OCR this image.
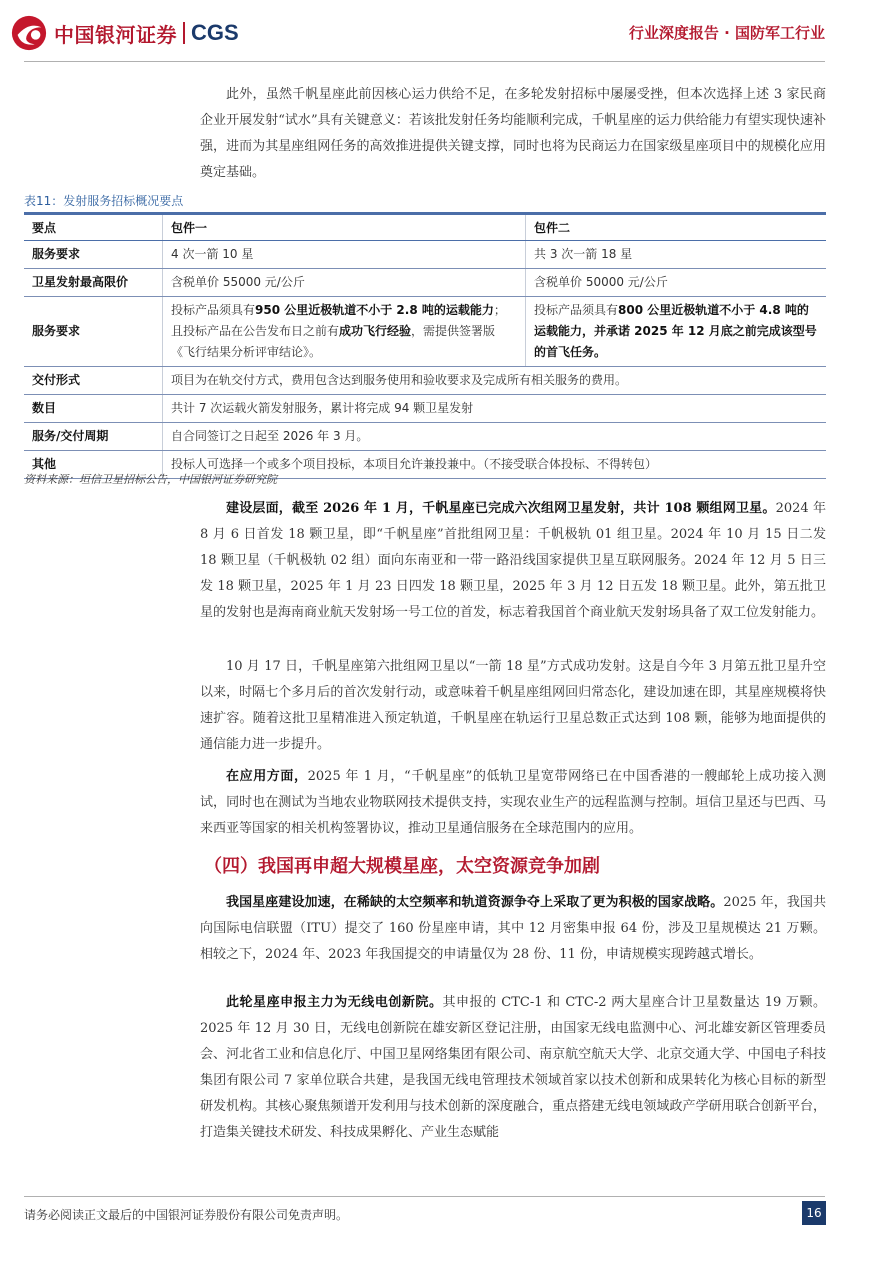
中国银河证券 CGS	行业深度报告 · 国防军工行业
此外，虽然千帆星座此前因核心运力供给不足，在多轮发射招标中屡屡受挫，但本次选择上述 3 家民商企业开展发射“试水”具有关键意义：若该批发射任务均能顺利完成，千帆星座的运力供给能力有望实现快速补强，进而为其星座组网任务的高效推进提供关键支撑，同时也将为民商运力在国家级星座项目中的规模化应用奠定基础。
表11：发射服务招标概况要点
要点	包件一	包件二
服务要求	4 次一箭 10 星	共 3 次一箭 18 星
卫星发射最高限价	含税单价 55000 元/公斤	含税单价 50000 元/公斤
服务要求	投标产品须具有950 公里近极轨道不小于 2.8 吨的运载能力；且投标产品在公告发布日之前有成功飞行经验，需提供签署版《飞行结果分析评审结论》。	投标产品须具有800 公里近极轨道不小于 4.8 吨的运载能力，并承诺 2025 年 12 月底之前完成该型号的首飞任务。
交付形式	项目为在轨交付方式，费用包含达到服务使用和验收要求及完成所有相关服务的费用。	
数目	共计 7 次运载火箭发射服务，累计将完成 94 颗卫星发射	
服务/交付周期	自合同签订之日起至 2026 年 3 月。	
其他	投标人可选择一个或多个项目投标，本项目允许兼投兼中。（不接受联合体投标、不得转包）	
资料来源：垣信卫星招标公告，中国银河证券研究院
建设层面，截至 2026 年 1 月，千帆星座已完成六次组网卫星发射，共计 108 颗组网卫星。2024 年 8 月 6 日首发 18 颗卫星，即“千帆星座”首批组网卫星：千帆极轨 01 组卫星。2024 年 10 月 15 日二发 18 颗卫星（千帆极轨 02 组）面向东南亚和一带一路沿线国家提供卫星互联网服务。2024 年 12 月 5 日三发 18 颗卫星，2025 年 1 月 23 日四发 18 颗卫星，2025 年 3 月 12 日五发 18 颗卫星。此外，第五批卫星的发射也是海南商业航天发射场一号工位的首发，标志着我国首个商业航天发射场具备了双工位发射能力。
10 月 17 日，千帆星座第六批组网卫星以“一箭 18 星”方式成功发射。这是自今年 3 月第五批卫星升空以来，时隔七个多月后的首次发射行动，或意味着千帆星座组网回归常态化，建设加速在即，其星座规模将快速扩容。随着这批卫星精准进入预定轨道，千帆星座在轨运行卫星总数正式达到 108 颗，能够为地面提供的通信能力进一步提升。
在应用方面，2025 年 1 月，“千帆星座”的低轨卫星宽带网络已在中国香港的一艘邮轮上成功接入测试，同时也在测试为当地农业物联网技术提供支持，实现农业生产的远程监测与控制。垣信卫星还与巴西、马来西亚等国家的相关机构签署协议，推动卫星通信服务在全球范围内的应用。
（四）我国再申超大规模星座，太空资源竞争加剧
我国星座建设加速，在稀缺的太空频率和轨道资源争夺上采取了更为积极的国家战略。2025 年，我国共向国际电信联盟（ITU）提交了 160 份星座申请，其中 12 月密集申报 64 份，涉及卫星规模达 21 万颗。相较之下，2024 年、2023 年我国提交的申请量仅为 28 份、11 份，申请规模实现跨越式增长。
此轮星座申报主力为无线电创新院。其申报的 CTC-1 和 CTC-2 两大星座合计卫星数量达 19 万颗。2025 年 12 月 30 日，无线电创新院在雄安新区登记注册，由国家无线电监测中心、河北雄安新区管理委员会、河北省工业和信息化厅、中国卫星网络集团有限公司、南京航空航天大学、北京交通大学、中国电子科技集团有限公司 7 家单位联合共建，是我国无线电管理技术领域首家以技术创新和成果转化为核心目标的新型研发机构。其核心聚焦频谱开发利用与技术创新的深度融合，重点搭建无线电领域政产学研用联合创新平台，打造集关键技术研发、科技成果孵化、产业生态赋能
请务必阅读正文最后的中国银河证券股份有限公司免责声明。	16
